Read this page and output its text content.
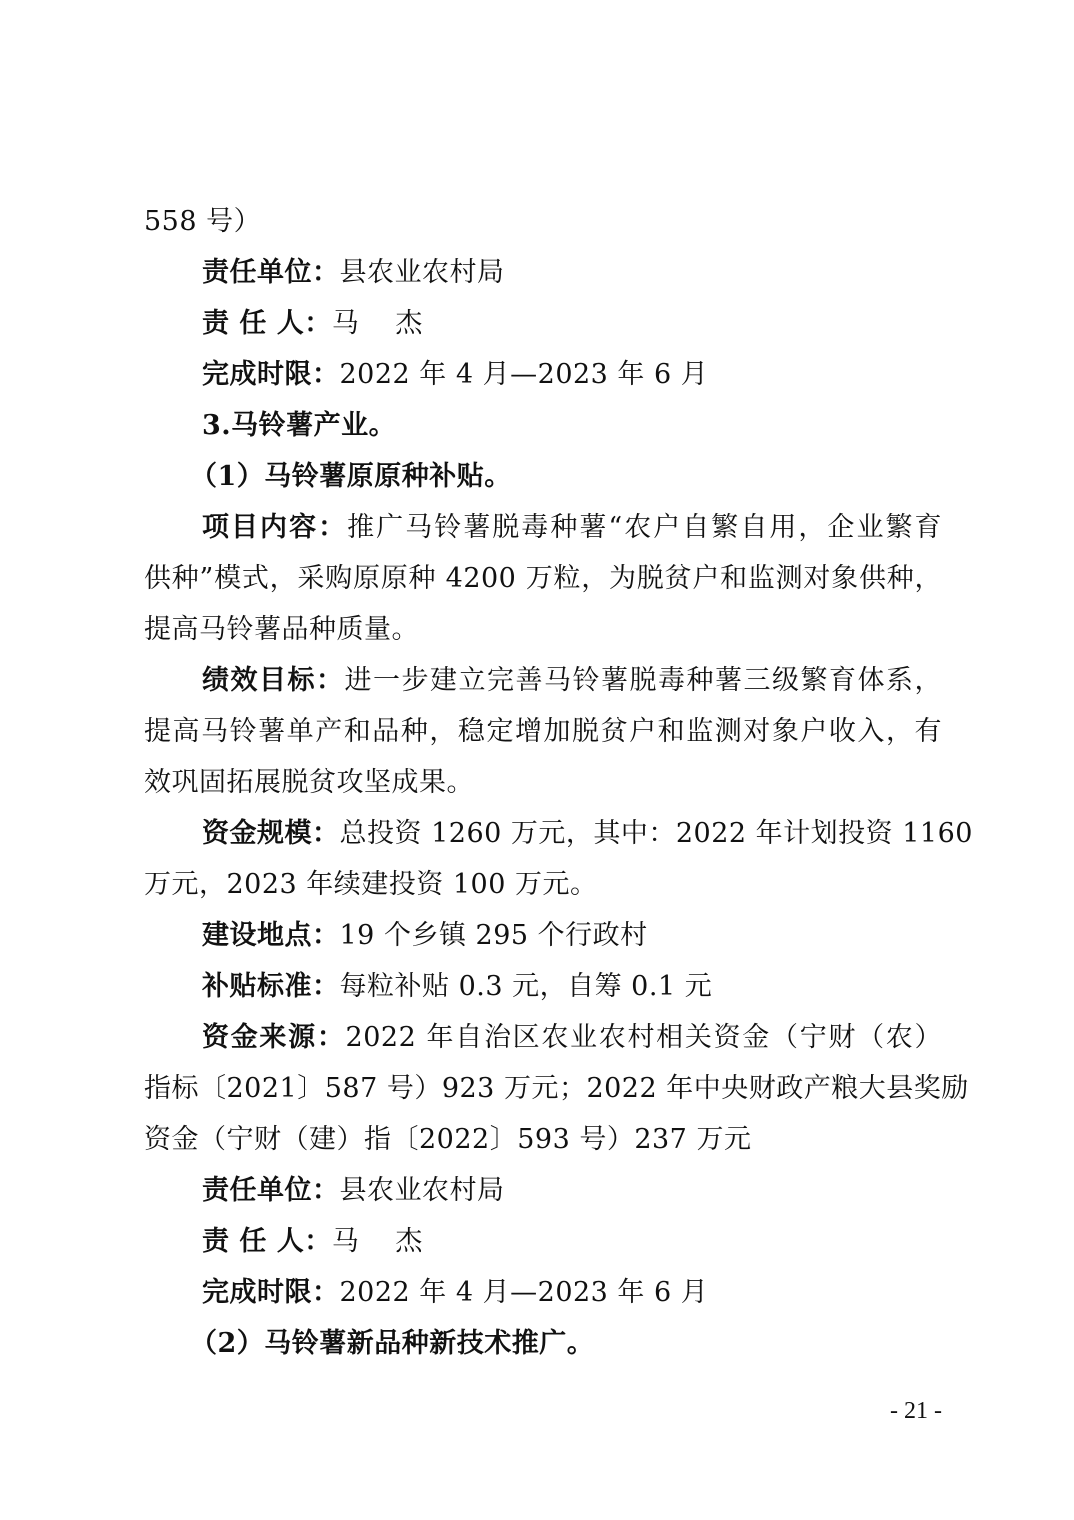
558 号）

责任单位：县农业农村局

责 任 人：马 杰

完成时限：2022 年 4 月—2023 年 6 月

3.马铃薯产业。

（1）马铃薯原原种补贴。

项目内容：推广马铃薯脱毒种薯“农户自繁自用，企业繁育

供种”模式，采购原原种 4200 万粒，为脱贫户和监测对象供种，

提高马铃薯品种质量。

绩效目标：进一步建立完善马铃薯脱毒种薯三级繁育体系，

提高马铃薯单产和品种，稳定增加脱贫户和监测对象户收入，有

效巩固拓展脱贫攻坚成果。

资金规模：总投资 1260 万元，其中：2022 年计划投资 1160

万元，2023 年续建投资 100 万元。

建设地点：19 个乡镇 295 个行政村

补贴标准：每粒补贴 0.3 元，自筹 0.1 元

资金来源：2022 年自治区农业农村相关资金（宁财（农）

指标〔2021〕587 号）923 万元；2022 年中央财政产粮大县奖励

资金（宁财（建）指〔2022〕593 号）237 万元

责任单位：县农业农村局

责 任 人：马 杰

完成时限：2022 年 4 月—2023 年 6 月

（2）马铃薯新品种新技术推广。

- 21 -
